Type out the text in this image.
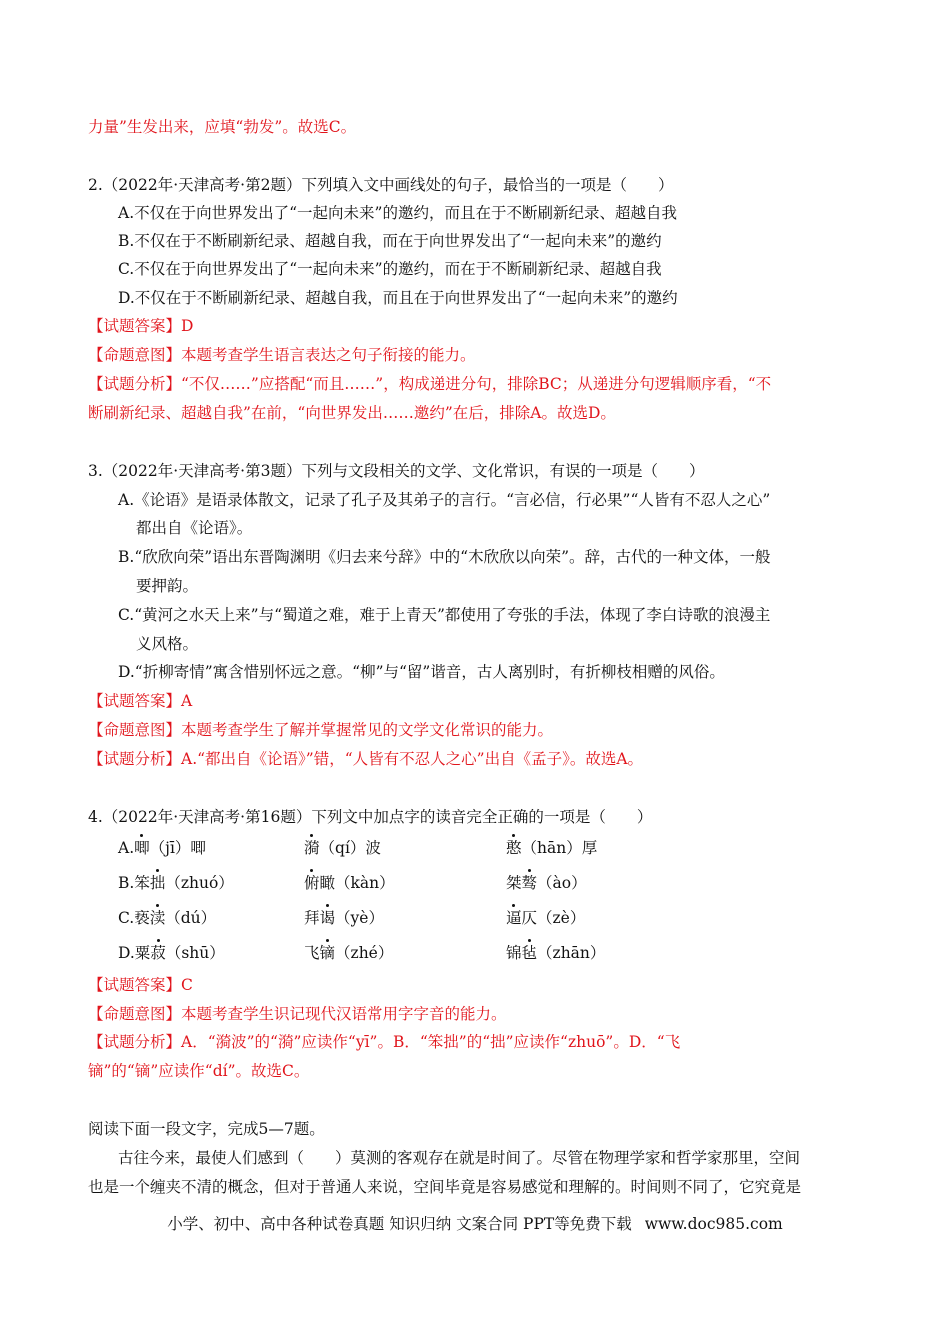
力量”生发出来，应填“勃发”。故选C。
2.（2022年·天津高考·第2题）下列填入文中画线处的句子，最恰当的一项是（　　）
A.不仅在于向世界发出了“一起向未来”的邀约，而且在于不断刷新纪录、超越自我
B.不仅在于不断刷新纪录、超越自我，而在于向世界发出了“一起向未来”的邀约
C.不仅在于向世界发出了“一起向未来”的邀约，而在于不断刷新纪录、超越自我
D.不仅在于不断刷新纪录、超越自我，而且在于向世界发出了“一起向未来”的邀约
【试题答案】D
【命题意图】本题考查学生语言表达之句子衔接的能力。
【试题分析】“不仅……”应搭配“而且……”，构成递进分句，排除BC；从递进分句逻辑顺序看，“不
断刷新纪录、超越自我”在前，“向世界发出……邀约”在后，排除A。故选D。
3.（2022年·天津高考·第3题）下列与文段相关的文学、文化常识，有误的一项是（　　）
A.《论语》是语录体散文，记录了孔子及其弟子的言行。“言必信，行必果”“人皆有不忍人之心”
都出自《论语》。
B.“欣欣向荣”语出东晋陶渊明《归去来兮辞》中的“木欣欣以向荣”。辞，古代的一种文体，一般
要押韵。
C.“黄河之水天上来”与“蜀道之难，难于上青天”都使用了夸张的手法，体现了李白诗歌的浪漫主
义风格。
D.“折柳寄情”寓含惜别怀远之意。“柳”与“留”谐音，古人离别时，有折柳枝相赠的风俗。
【试题答案】A
【命题意图】本题考查学生了解并掌握常见的文学文化常识的能力。
【试题分析】A.“都出自《论语》”错，“人皆有不忍人之心”出自《孟子》。故选A。
4.（2022年·天津高考·第16题）下列文中加点字的读音完全正确的一项是（　　）
A.唧（jī）唧	漪（qí）波	憨（hān）厚
B.笨拙（zhuó）	俯瞰（kàn）	桀骜（ào）
C.亵渎（dú）	拜谒（yè）	逼仄（zè）
D.粟菽（shū）	飞镝（zhé）	锦毡（zhān）
【试题答案】C
【命题意图】本题考查学生识记现代汉语常用字字音的能力。
【试题分析】A．“漪波”的“漪”应读作“yī”。B．“笨拙”的“拙”应读作“zhuō”。D．“飞
镝”的“镝”应读作“dí”。故选C。
阅读下面一段文字，完成5—7题。
古往今来，最使人们感到（　　）莫测的客观存在就是时间了。尽管在物理学家和哲学家那里，空间
也是一个缠夹不清的概念，但对于普通人来说，空间毕竟是容易感觉和理解的。时间则不同了，它究竟是
小学、初中、高中各种试卷真题 知识归纳 文案合同 PPT等免费下载 www.doc985.com
